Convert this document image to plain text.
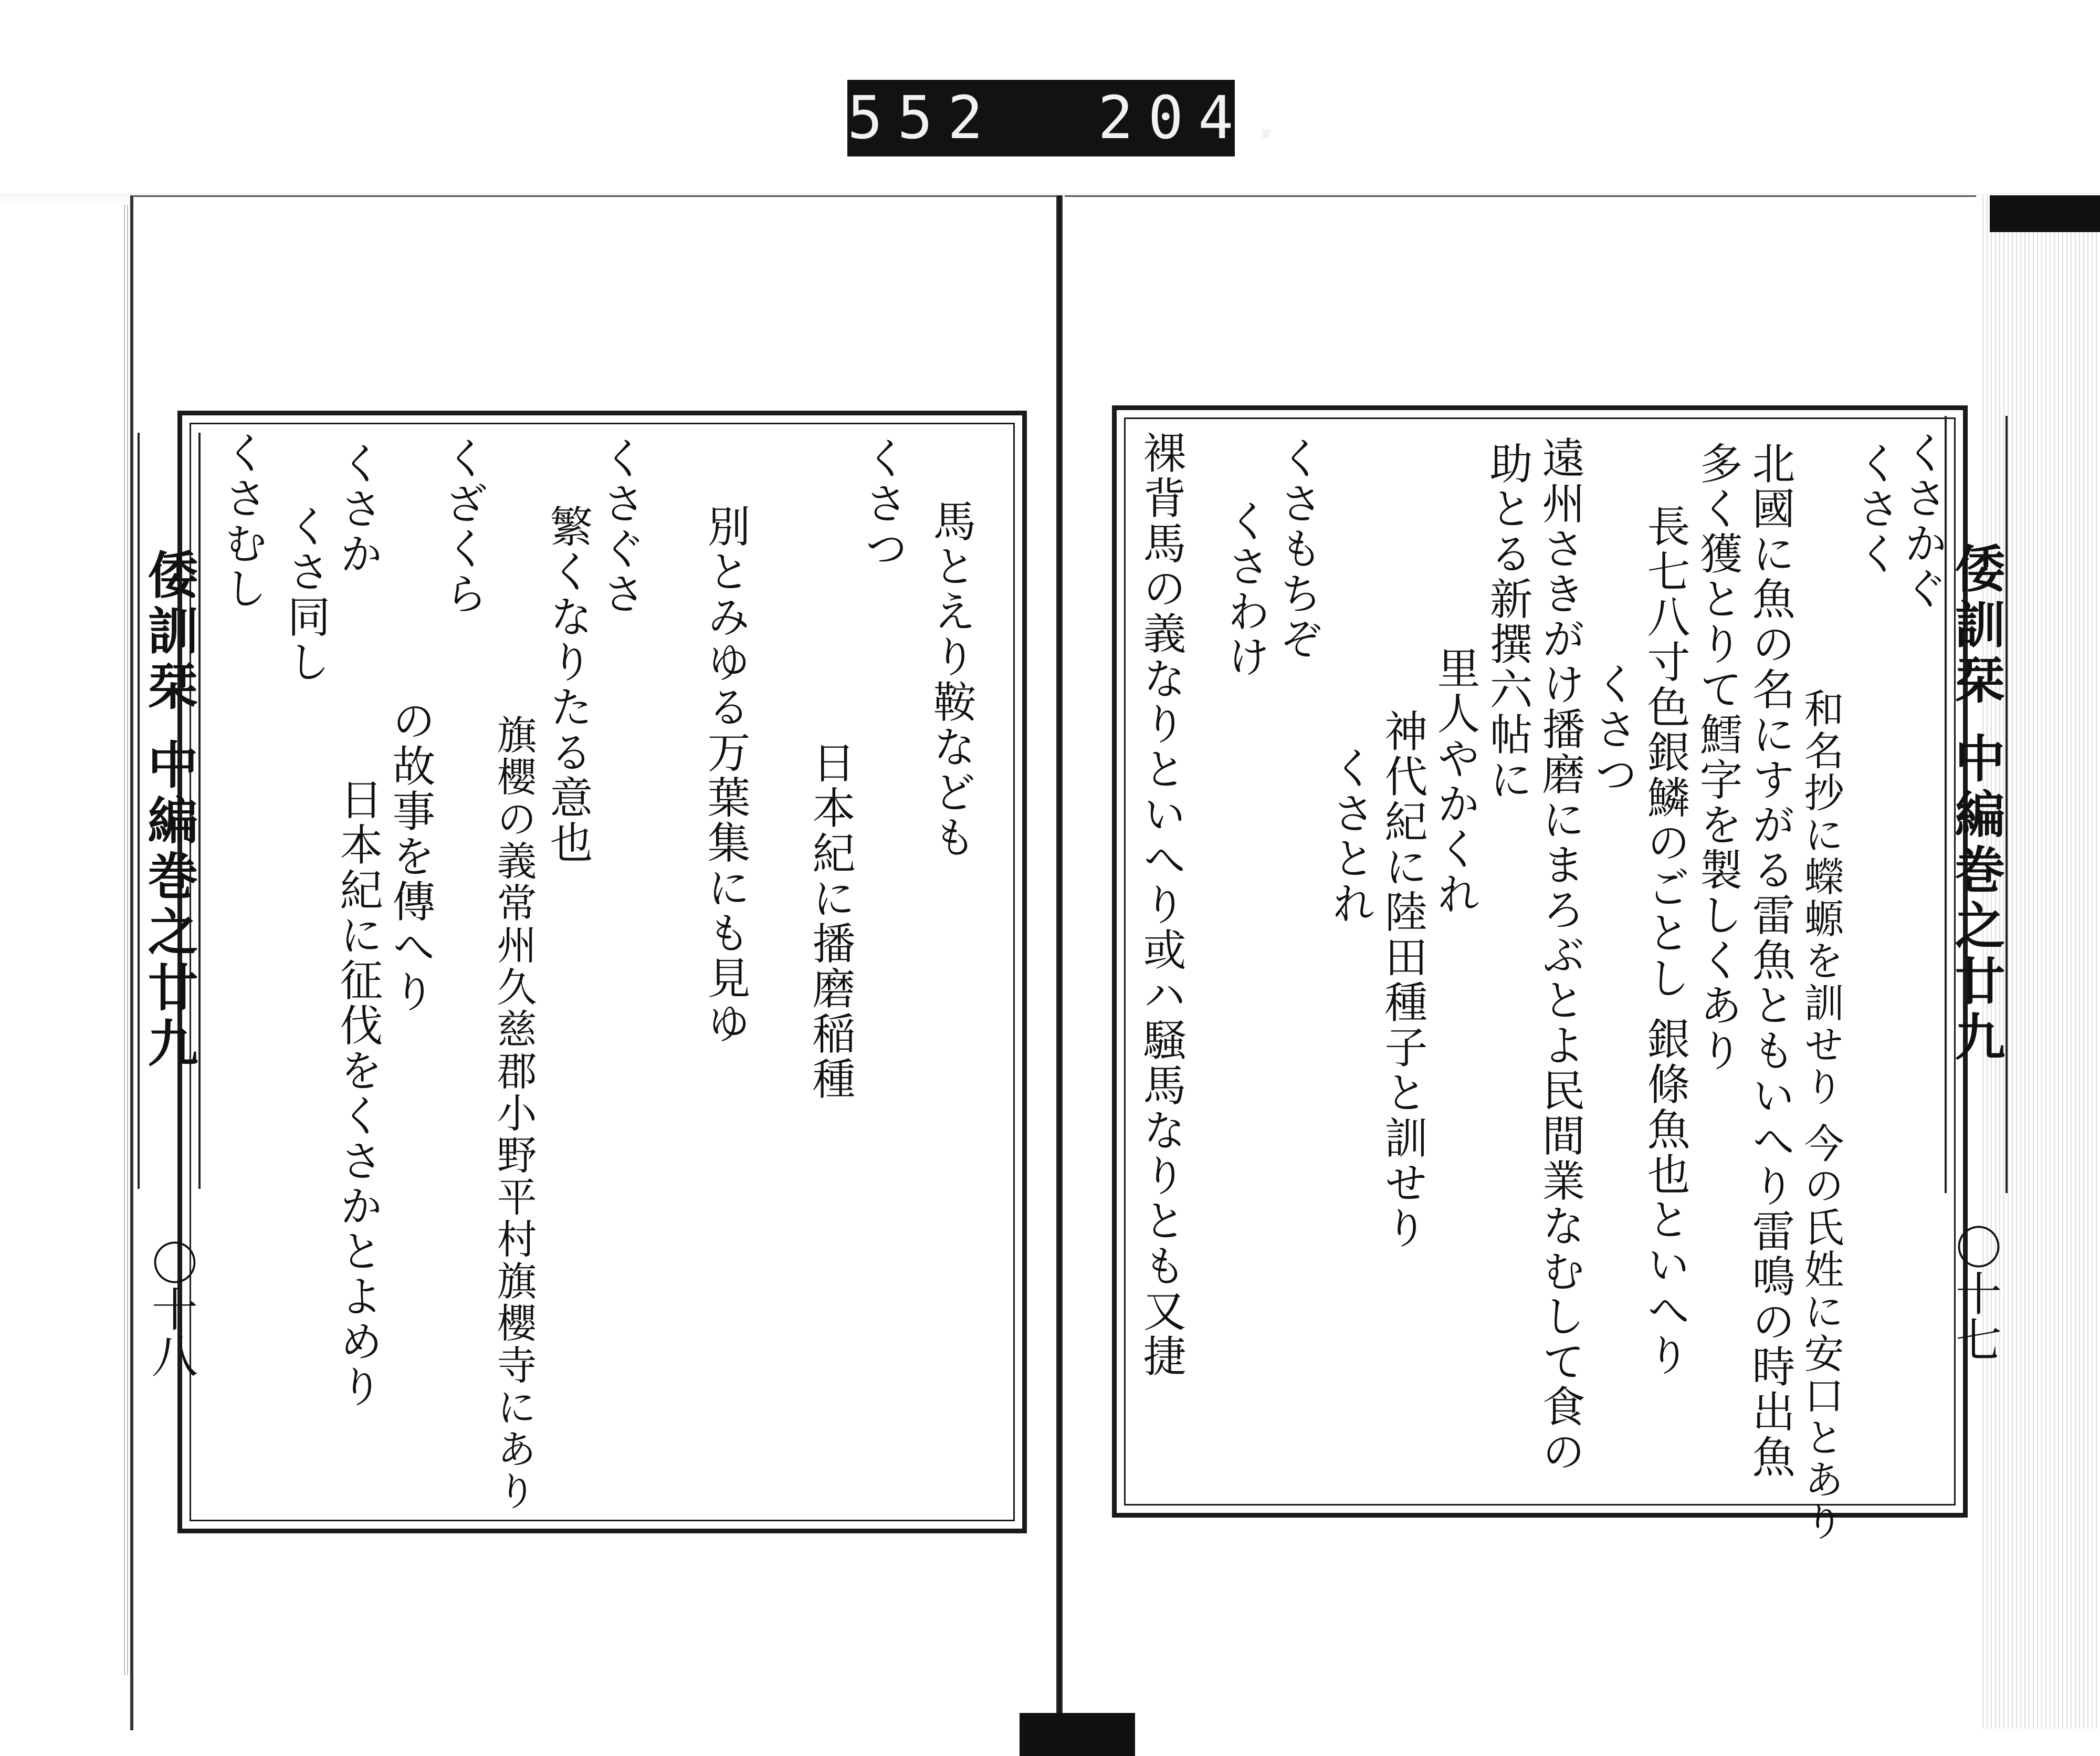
552  204.
倭訓栞 中編巻之廿九
〇十七
〇十八
倭訓栞 中編巻之廿九
くさむし くさ同し くさか
日本紀に征伐をくさかとよめり の故事を傳へり
くざくら
旗櫻の義常州久慈郡小野平村旗櫻寺にあり
繁くなりたる意也 くさぐさ 別とみゆる万葉集にも見ゆ 日本紀に播磨稲種
くさつ 馬とえり鞍なども	裸背馬の義なりといへり或ハ騒馬なりとも又捷 くさわけ くさもちぞ
くさとれ 神代紀に陸田種子と訓せり 里人やかくれ 助とる新撰六帖に 遠州さきがけ播磨にまろぶとよ民間業なむして食の くさつ 長七八寸色銀鱗のごとし 銀條魚也といへり 多く獲とりて鱈字を製しくあり 北國に魚の名にすがる雷魚ともいへり雷鳴の時出魚 和名抄に蠑螈を訓せり 今の氏姓に安口とあり
くさく
くさかぐ
